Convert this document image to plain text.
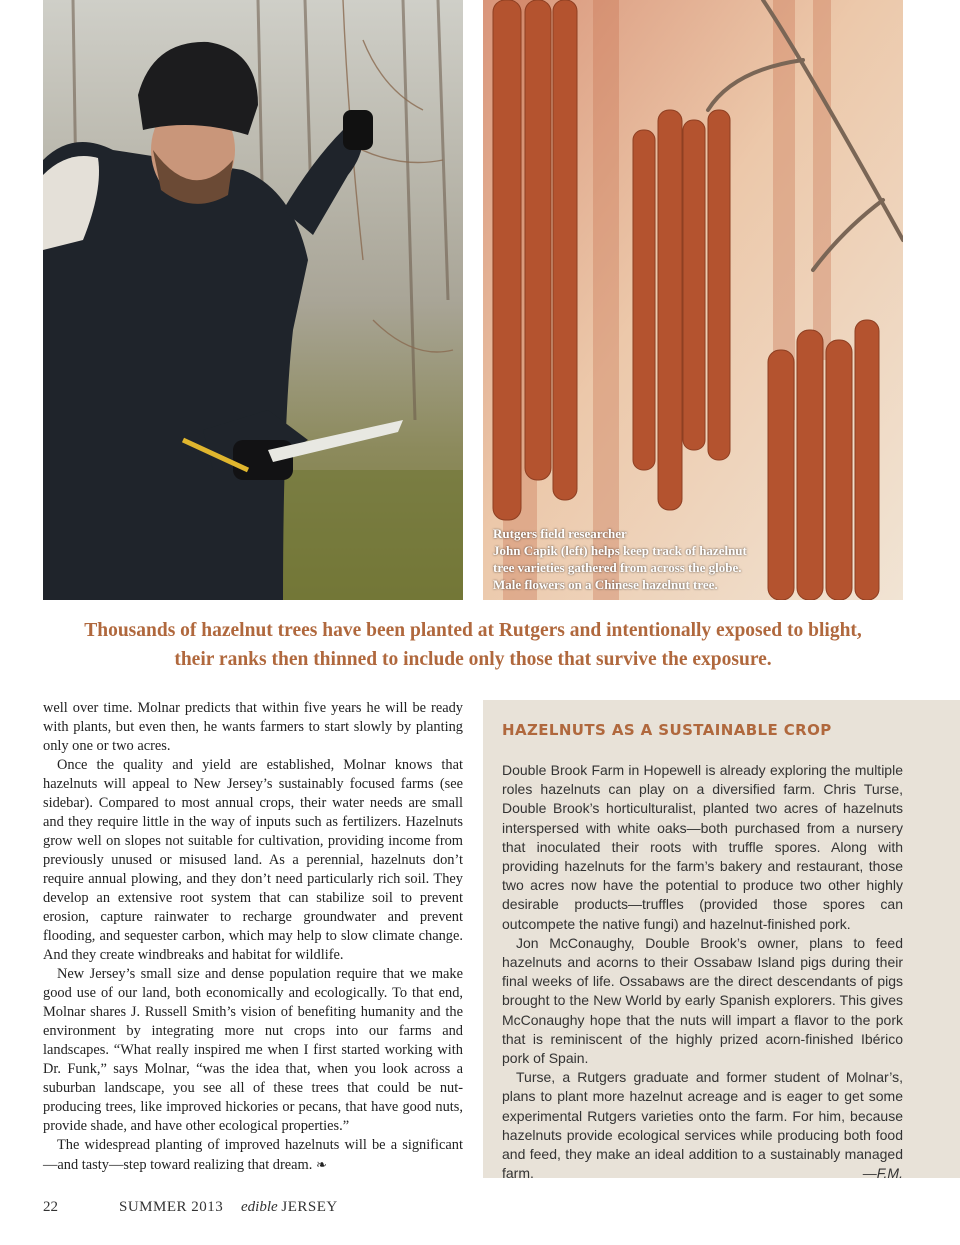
Rutgers field researcher
John Capik (left) helps keep track of hazelnut
tree varieties gathered from across the globe.
Male flowers on a Chinese hazelnut tree.
Thousands of hazelnut trees have been planted at Rutgers and intentionally exposed to blight,
their ranks then thinned to include only those that survive the exposure.

well over time. Molnar predicts that within five years he will be ready with plants, but even then, he wants farmers to start slowly by planting only one or two acres.

Once the quality and yield are established, Molnar knows that hazelnuts will appeal to New Jersey’s sustainably focused farms (see sidebar). Compared to most annual crops, their water needs are small and they require little in the way of inputs such as fertilizers. Hazelnuts grow well on slopes not suitable for cultivation, providing income from previously unused or misused land. As a perennial, hazelnuts don’t require annual plowing, and they don’t need particularly rich soil. They develop an extensive root system that can stabilize soil to prevent erosion, capture rainwater to recharge groundwater and prevent flooding, and sequester carbon, which may help to slow climate change. And they create windbreaks and habitat for wildlife.

New Jersey’s small size and dense population require that we make good use of our land, both economically and ecologically. To that end, Molnar shares J. Russell Smith’s vision of benefiting humanity and the environment by integrating more nut crops into our farms and landscapes. “What really inspired me when I first started working with Dr. Funk,” says Molnar, “was the idea that, when you look across a suburban landscape, you see all of these trees that could be nut-producing trees, like improved hickories or pecans, that have good nuts, provide shade, and have other ecological properties.”

The widespread planting of improved hazelnuts will be a significant—and tasty—step toward realizing that dream. ❧

HAZELNUTS AS A SUSTAINABLE CROP

Double Brook Farm in Hopewell is already exploring the multiple roles hazelnuts can play on a diversified farm. Chris Turse, Double Brook’s horticulturalist, planted two acres of hazelnuts interspersed with white oaks—both purchased from a nursery that inoculated their roots with truffle spores. Along with providing hazelnuts for the farm’s bakery and restaurant, those two acres now have the potential to produce two other highly desirable products—truffles (provided those spores can outcompete the native fungi) and hazelnut-finished pork.

Jon McConaughy, Double Brook’s owner, plans to feed hazelnuts and acorns to their Ossabaw Island pigs during their final weeks of life. Ossabaws are the direct descendants of pigs brought to the New World by early Spanish explorers. This gives McConaughy hope that the nuts will impart a flavor to the pork that is reminiscent of the highly prized acorn-finished Ibérico pork of Spain.

Turse, a Rutgers graduate and former student of Molnar’s, plans to plant more hazelnut acreage and is eager to get some experimental Rutgers varieties onto the farm. For him, because hazelnuts provide ecological services while producing both food and feed, they make an ideal addition to a sustainably managed farm.	—F.M.

22	SUMMER 2013 edible JERSEY
